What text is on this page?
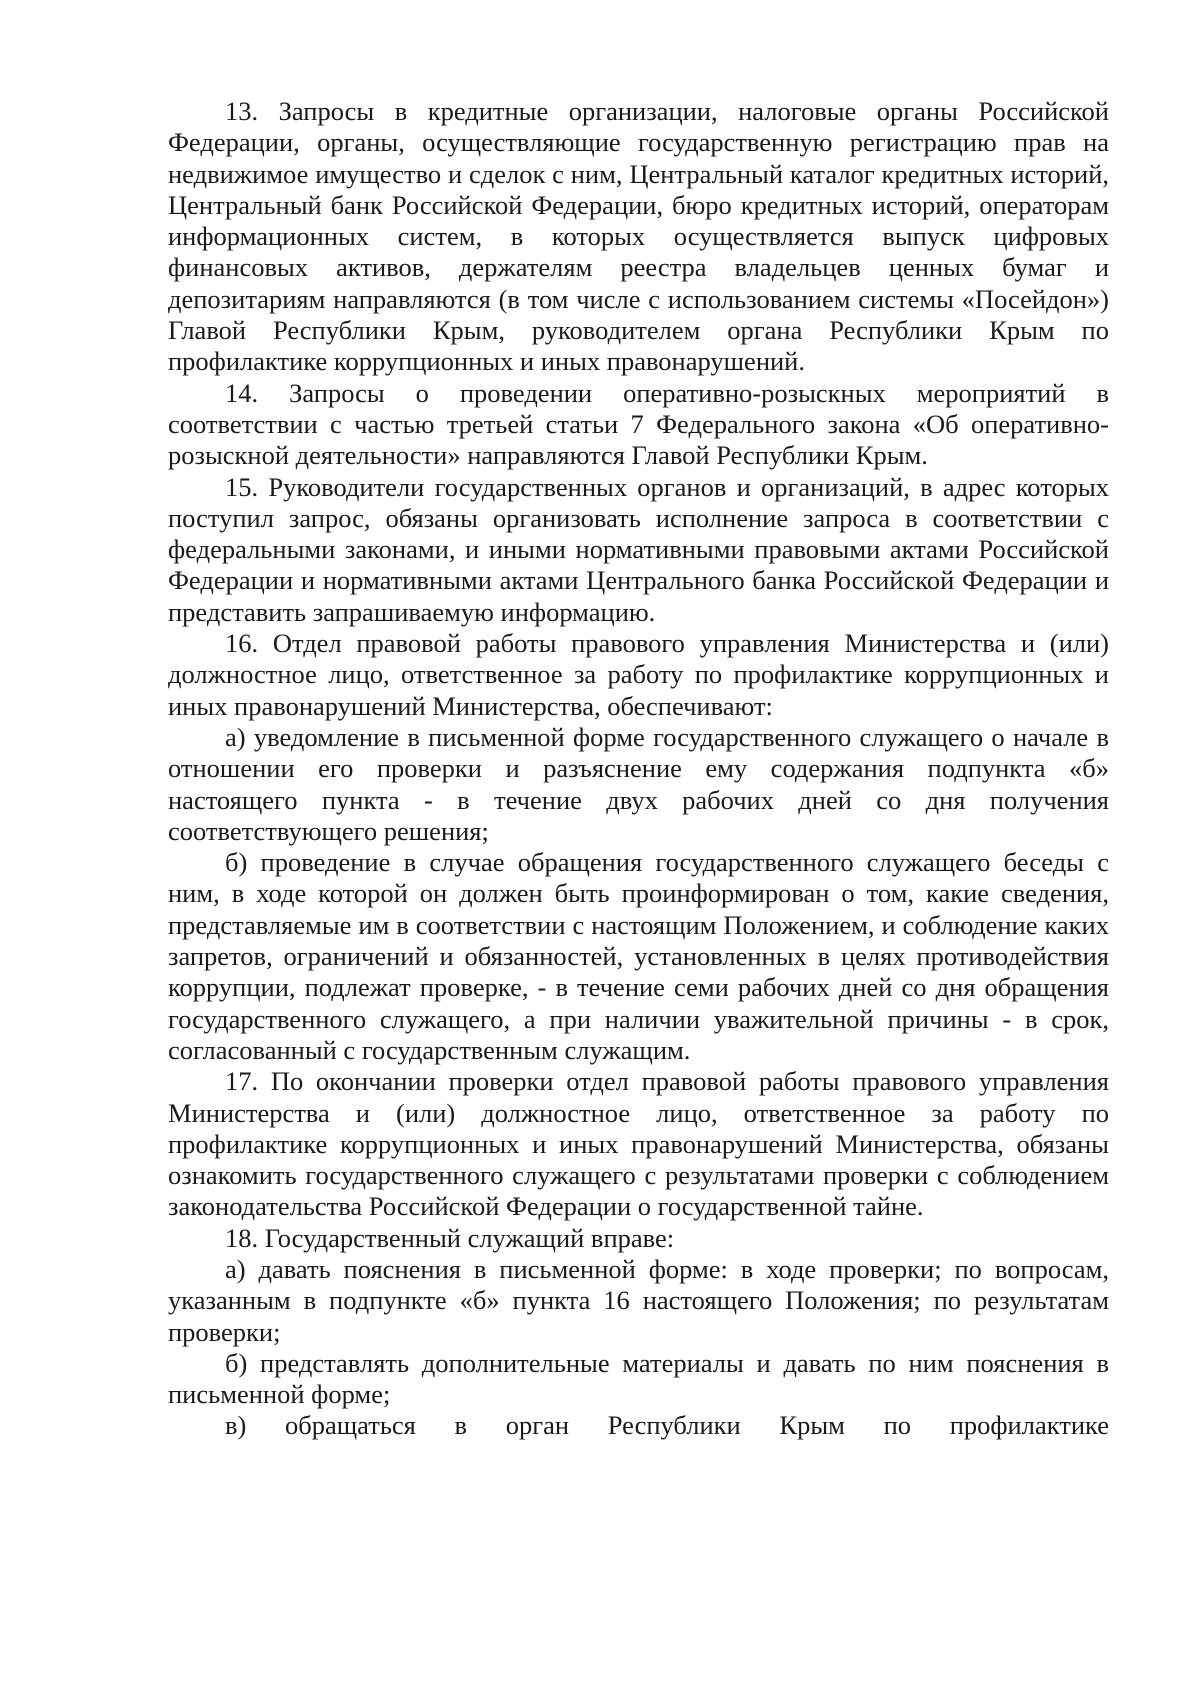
13. Запросы в кредитные организации, налоговые органы Российской Федерации, органы, осуществляющие государственную регистрацию прав на недвижимое имущество и сделок с ним, Центральный каталог кредитных историй, Центральный банк Российской Федерации, бюро кредитных историй, операторам информационных систем, в которых осуществляется выпуск цифровых финансовых активов, держателям реестра владельцев ценных бумаг и депозитариям направляются (в том числе с использованием системы «Посейдон») Главой Республики Крым, руководителем органа Республики Крым по профилактике коррупционных и иных правонарушений.

14. Запросы о проведении оперативно-розыскных мероприятий в соответствии с частью третьей статьи 7 Федерального закона «Об оперативно-розыскной деятельности» направляются Главой Республики Крым.

15. Руководители государственных органов и организаций, в адрес которых поступил запрос, обязаны организовать исполнение запроса в соответствии с федеральными законами, и иными нормативными правовыми актами Российской Федерации и нормативными актами Центрального банка Российской Федерации и представить запрашиваемую информацию.

16. Отдел правовой работы правового управления Министерства и (или) должностное лицо, ответственное за работу по профилактике коррупционных и иных правонарушений Министерства, обеспечивают:

а) уведомление в письменной форме государственного служащего о начале в отношении его проверки и разъяснение ему содержания подпункта «б» настоящего пункта - в течение двух рабочих дней со дня получения соответствующего решения;

б) проведение в случае обращения государственного служащего беседы с ним, в ходе которой он должен быть проинформирован о том, какие сведения, представляемые им в соответствии с настоящим Положением, и соблюдение каких запретов, ограничений и обязанностей, установленных в целях противодействия коррупции, подлежат проверке, - в течение семи рабочих дней со дня обращения государственного служащего, а при наличии уважительной причины - в срок, согласованный с государственным служащим.

17. По окончании проверки отдел правовой работы правового управления Министерства и (или) должностное лицо, ответственное за работу по профилактике коррупционных и иных правонарушений Министерства, обязаны ознакомить государственного служащего с результатами проверки с соблюдением законодательства Российской Федерации о государственной тайне.

18. Государственный служащий вправе:

а) давать пояснения в письменной форме: в ходе проверки; по вопросам, указанным в подпункте «б» пункта 16 настоящего Положения; по результатам проверки;

б) представлять дополнительные материалы и давать по ним пояснения в письменной форме;

в) обращаться в орган Республики Крым по профилактике
